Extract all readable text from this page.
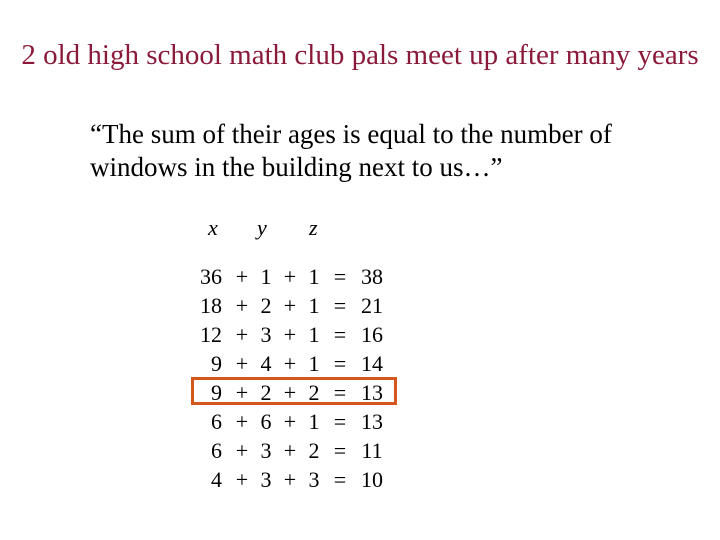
2 old high school math club pals meet up after many years
“The sum of their ages is equal to the number of windows in the building next to us…”
x y z
36 + 1 + 1 = 38
18 + 2 + 1 = 21
12 + 3 + 1 = 16
9 + 4 + 1 = 14
9 + 2 + 2 = 13
6 + 6 + 1 = 13
6 + 3 + 2 = 11
4 + 3 + 3 = 10
